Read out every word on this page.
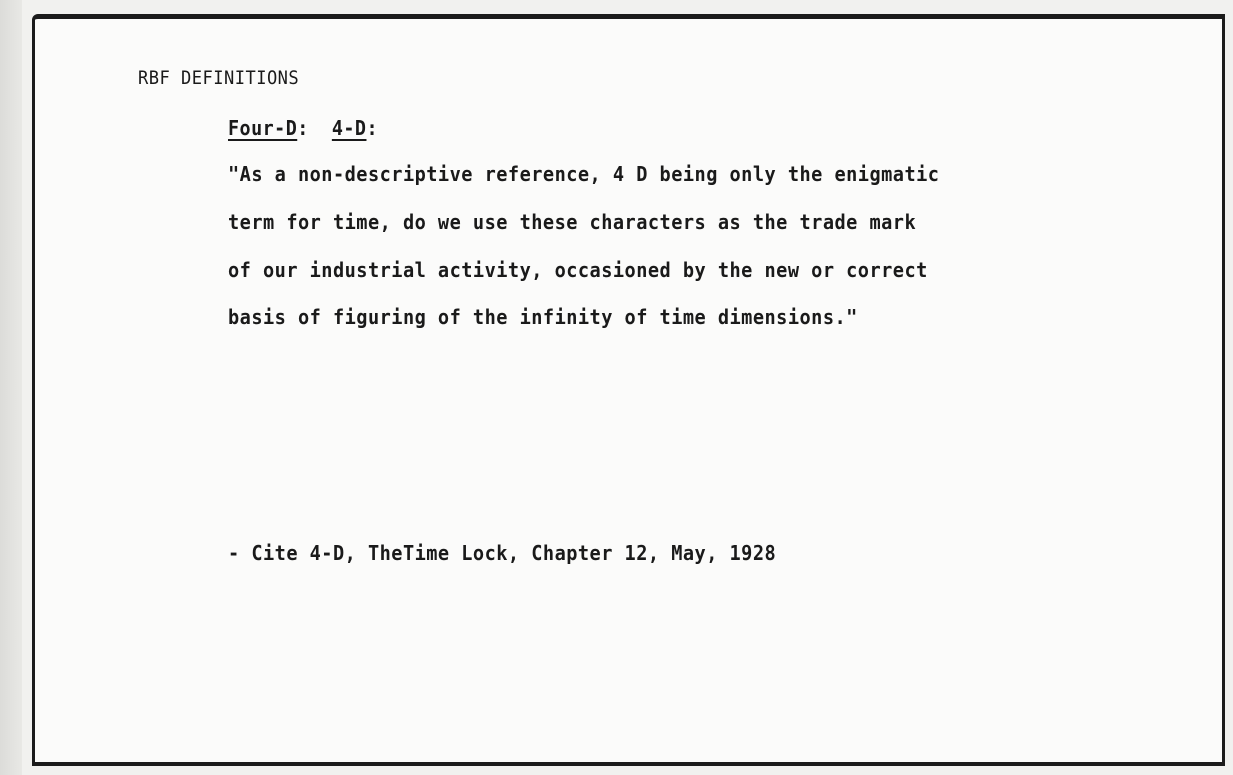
RBF DEFINITIONS
Four-D: 4-D:
"As a non-descriptive reference, 4 D being only the enigmatic
term for time, do we use these characters as the trade mark
of our industrial activity, occasioned by the new or correct
basis of figuring of the infinity of time dimensions."
- Cite 4-D, TheTime Lock, Chapter 12, May, 1928
